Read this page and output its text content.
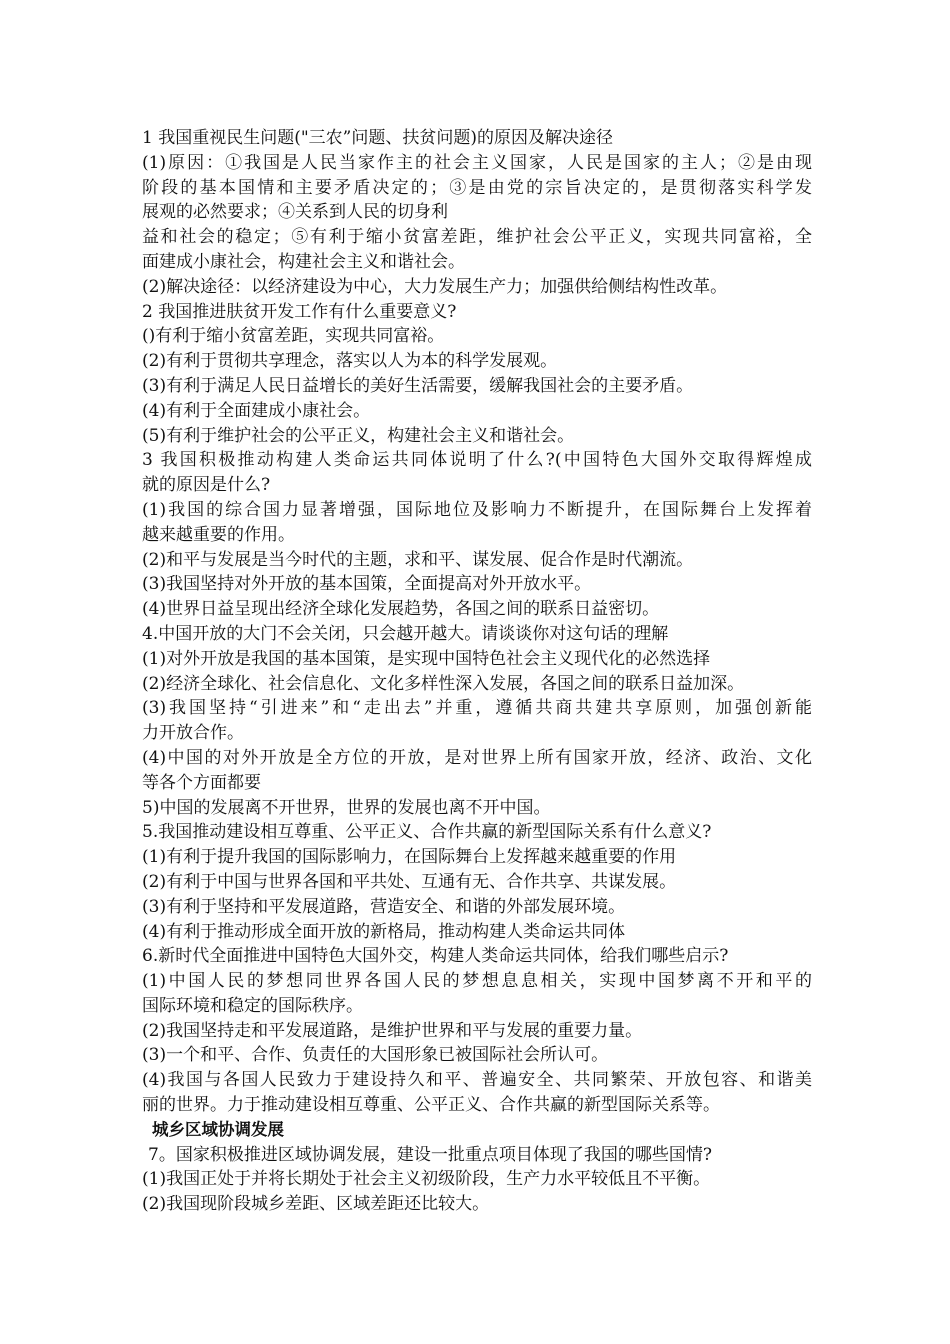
1 我国重视民生问题("三农”问题、扶贫问题)的原因及解决途径
(1)原因：①我国是人民当家作主的社会主义国家，人民是国家的主人；②是由现
阶段的基本国情和主要矛盾决定的；③是由党的宗旨决定的，是贯彻落实科学发
展观的必然要求；④关系到人民的切身利
益和社会的稳定；⑤有利于缩小贫富差距，维护社会公平正义，实现共同富裕，全
面建成小康社会，构建社会主义和谐社会。
(2)解决途径：以经济建设为中心，大力发展生产力；加强供给侧结构性改革。
2 我国推进肤贫开发工作有什么重要意义?
()有利于缩小贫富差距，实现共同富裕。
(2)有利于贯彻共享理念，落实以人为本的科学发展观。
(3)有利于满足人民日益增长的美好生活需要，缓解我国社会的主要矛盾。
(4)有利于全面建成小康社会。
(5)有利于维护社会的公平正义，构建社会主义和谐社会。
3 我国积极推动构建人类命运共同体说明了什么?(中国特色大国外交取得辉煌成
就的原因是什么?
(1)我国的综合国力显著增强，国际地位及影响力不断提升，在国际舞台上发挥着
越来越重要的作用。
(2)和平与发展是当今时代的主题，求和平、谋发展、促合作是时代潮流。
(3)我国坚持对外开放的基本国策，全面提高对外开放水平。
(4)世界日益呈现出经济全球化发展趋势，各国之间的联系日益密切。
4.中国开放的大门不会关闭，只会越开越大。请谈谈你对这句话的理解
(1)对外开放是我国的基本国策，是实现中国特色社会主义现代化的必然选择
(2)经济全球化、社会信息化、文化多样性深入发展，各国之间的联系日益加深。
(3)我国坚持“引进来”和“走出去”并重，遵循共商共建共享原则，加强创新能
力开放合作。
(4)中国的对外开放是全方位的开放，是对世界上所有国家开放，经济、政治、文化
等各个方面都要
5)中国的发展离不开世界，世界的发展也离不开中国。
5.我国推动建设相互尊重、公平正义、合作共赢的新型国际关系有什么意义?
(1)有利于提升我国的国际影响力，在国际舞台上发挥越来越重要的作用
(2)有利于中国与世界各国和平共处、互通有无、合作共享、共谋发展。
(3)有利于坚持和平发展道路，营造安全、和谐的外部发展环境。
(4)有利于推动形成全面开放的新格局，推动构建人类命运共同体
6.新时代全面推进中国特色大国外交，构建人类命运共同体，给我们哪些启示?
(1)中国人民的梦想同世界各国人民的梦想息息相关，实现中国梦离不开和平的
国际环境和稳定的国际秩序。
(2)我国坚持走和平发展道路，是维护世界和平与发展的重要力量。
(3)一个和平、合作、负责任的大国形象已被国际社会所认可。
(4)我国与各国人民致力于建设持久和平、普遍安全、共同繁荣、开放包容、和谐美
丽的世界。力于推动建设相互尊重、公平正义、合作共赢的新型国际关系等。
城乡区域协调发展
7。国家积极推进区域协调发展，建设一批重点项目体现了我国的哪些国情?
(1)我国正处于并将长期处于社会主义初级阶段，生产力水平较低且不平衡。
(2)我国现阶段城乡差距、区域差距还比较大。
